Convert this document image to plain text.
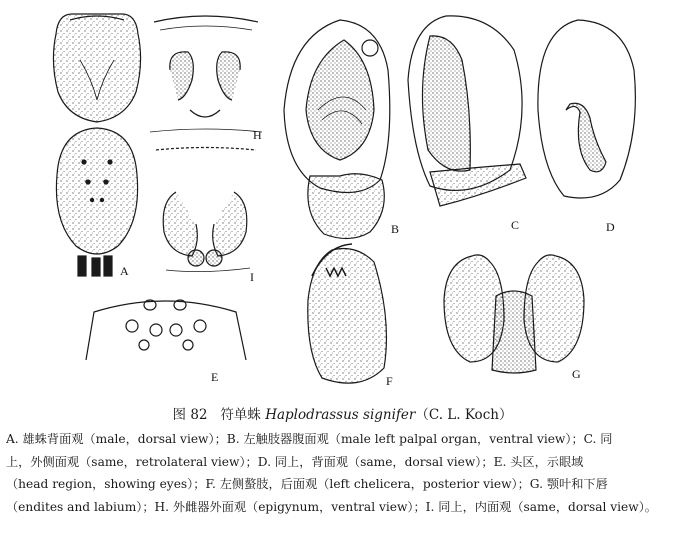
A
H
I
E
B	C	D
F	G
图 82 符单蛛 Haplodrassus signifer（C. L. Koch）
A. 雄蛛背面观（male，dorsal view）；B. 左触肢器腹面观（male left palpal organ，ventral view）；C. 同
上，外侧面观（same，retrolateral view）；D. 同上，背面观（same，dorsal view）；E. 头区，示眼域
（head region，showing eyes）；F. 左侧螯肢，后面观（left chelicera，posterior view）；G. 颚叶和下唇
（endites and labium）；H. 外雌器外面观（epigynum，ventral view）；I. 同上，内面观（same，dorsal view）。
